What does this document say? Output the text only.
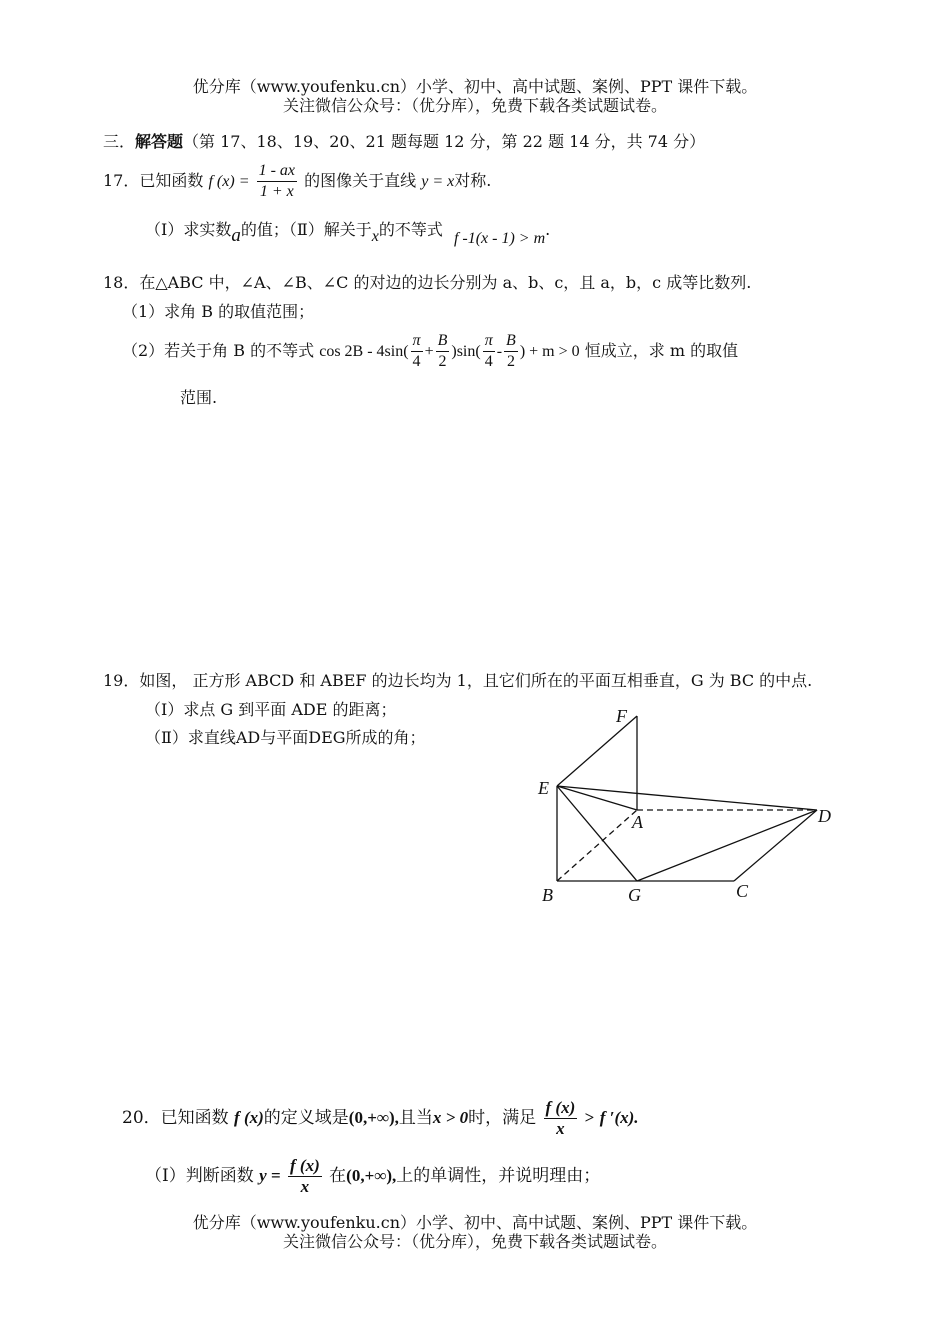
优分库（www.youfenku.cn）小学、初中、高中试题、案例、PPT 课件下载。
关注微信公众号：（优分库），免费下载各类试题试卷。
三．解答题（第 17、18、19、20、21 题每题 12 分，第 22 题 14 分，共 74 分）
17．已知函数 f $(x) = \frac{1 - ax}{1 + x}$ 的图像关于直线 y = x对称.
（Ⅰ）求实数a的值；（Ⅱ）解关于x的不等式 f -1(x - 1) > m.
18．在△ABC 中，∠A、∠B、∠C 的对边的边长分别为 a、b、c，且 a，b，c 成等比数列.
（1）求角 B 的取值范围；
（2）若关于角 B 的不等式 $\cos 2B - 4\sin( \frac{\pi}{4} + \frac{B}{2} )\sin( \frac{\pi}{4} - \frac{B}{2}$ ) + m > 0 恒成立，求 m 的取值
范围.
19．如图， 正方形 ABCD 和 ABEF 的边长均为 1，且它们所在的平面互相垂直，G 为 BC 的中点.
（Ⅰ）求点 G 到平面 ADE 的距离；
（Ⅱ）求直线AD与平面DEG所成的角；
F
E
A	D
B	G	C
20．已知函数 f (x)的定义域是(0,+∞),且当x > 0时，满足 $\frac{f (x)}{x} > f$ ′(x).
（I）判断函数 $y = \frac{f (x)}{x}$ 在(0,+∞),上的单调性，并说明理由；
优分库（www.youfenku.cn）小学、初中、高中试题、案例、PPT 课件下载。
关注微信公众号：（优分库），免费下载各类试题试卷。
